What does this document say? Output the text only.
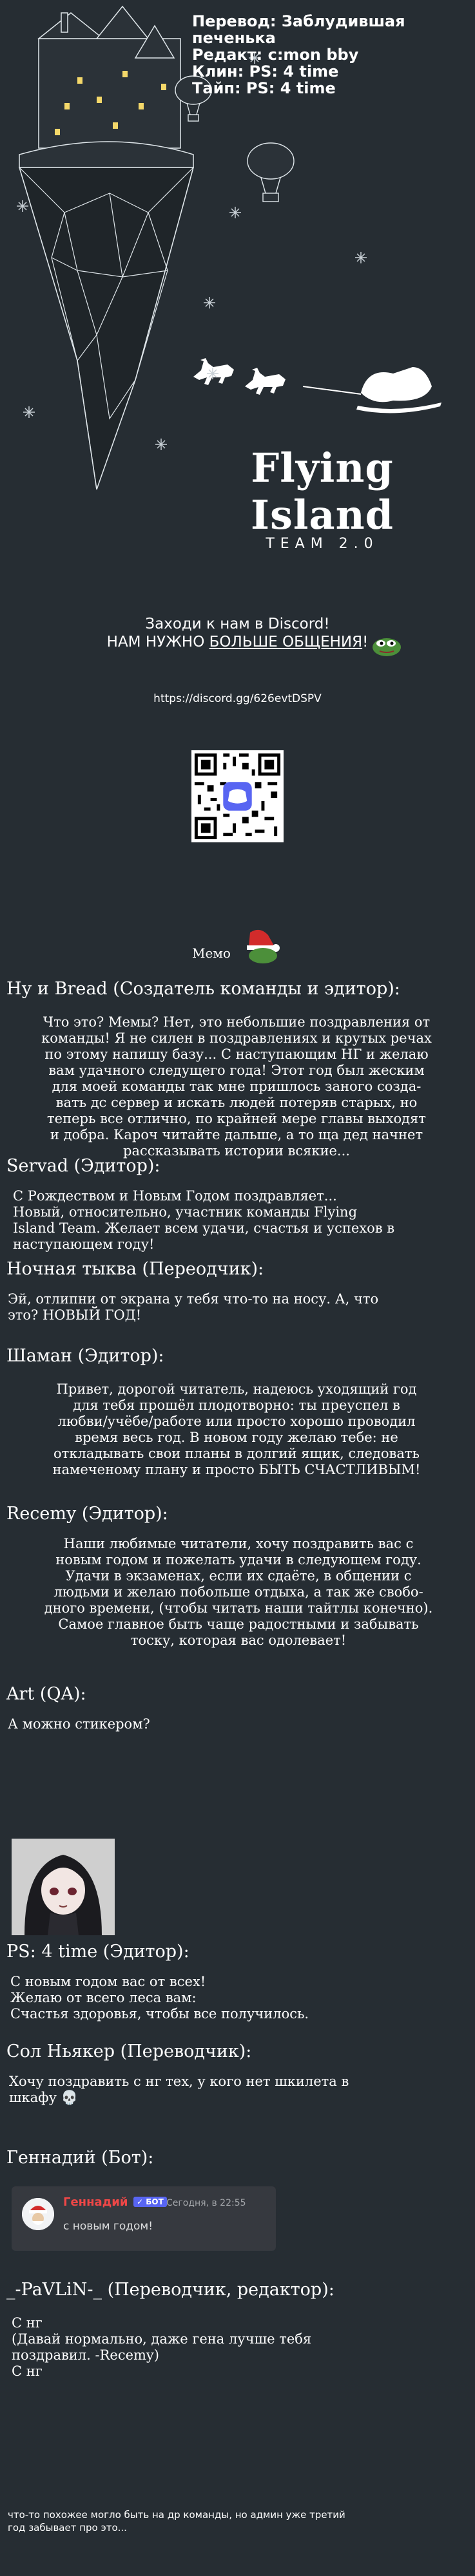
Перевод: Заблудившая печенька
Редакт: c:mon bby
Клин: PS: 4 time
Тайп: PS: 4 time
Flying Island
TEAM 2.0
Заходи к нам в Discord!
НАМ НУЖНО БОЛЬШЕ ОБЩЕНИЯ!
https://discord.gg/626evtDSPV
Мемо
Ну и Bread (Создатель команды и эдитор):
Что это? Мемы? Нет, это небольшие поздравления от
команды! Я не силен в поздравлениях и крутых речах
по этому напишу базу... С наступающим НГ и желаю
вам удачного следущего года! Этот год был жеским
для моей команды так мне пришлось заного созда-
вать дс сервер и искать людей потеряв старых, но
теперь все отлично, по крайней мере главы выходят
и добра. Кароч читайте дальше, а то ща дед начнет
рассказывать истории всякие...
Servad (Эдитор):
С Рождеством и Новым Годом поздравляет...
Новый, относительно, участник команды Flying
Island Team. Желает всем удачи, счастья и успехов в
наступающем году!
Ночная тыква (Переодчик):
Эй, отлипни от экрана у тебя что-то на носу. А, что
это? НОВЫЙ ГОД!
Шаман (Эдитор):
Привет, дорогой читатель, надеюсь уходящий год
для тебя прошёл плодотворно: ты преуспел в
любви/учёбе/работе или просто хорошо проводил
время весь год. В новом году желаю тебе: не
откладывать свои планы в долгий ящик, следовать
намеченому плану и просто БЫТЬ СЧАСТЛИВЫМ!
Recemy (Эдитор):
Наши любимые читатели, хочу поздравить вас с
новым годом и пожелать удачи в следующем году.
Удачи в экзаменах, если их сдаёте, в общении с
людьми и желаю побольше отдыха, а так же свобо-
дного времени, (чтобы читать наши тайтлы конечно).
Самое главное быть чаще радостными и забывать
тоску, которая вас одолевает!
Art (QA):
А можно стикером?
PS: 4 time (Эдитор):
С новым годом вас от всех!
Желаю от всего леса вам:
Счастья здоровья, чтобы все получилось.
Сол Ньякер (Переводчик):
Хочу поздравить с нг тех, у кого нет шкилета в
шкафу 💀
Геннадий (Бот):
_-PaVLiN-_ (Переводчик, редактор):
С нг
(Давай нормально, даже гена лучше тебя
поздравил. -Recemy)
С нг
Геннадий	✓ БОТ Сегодня, в 22:55
с новым годом!
что-то похожее могло быть на др команды, но админ уже третий
год забывает про это...
